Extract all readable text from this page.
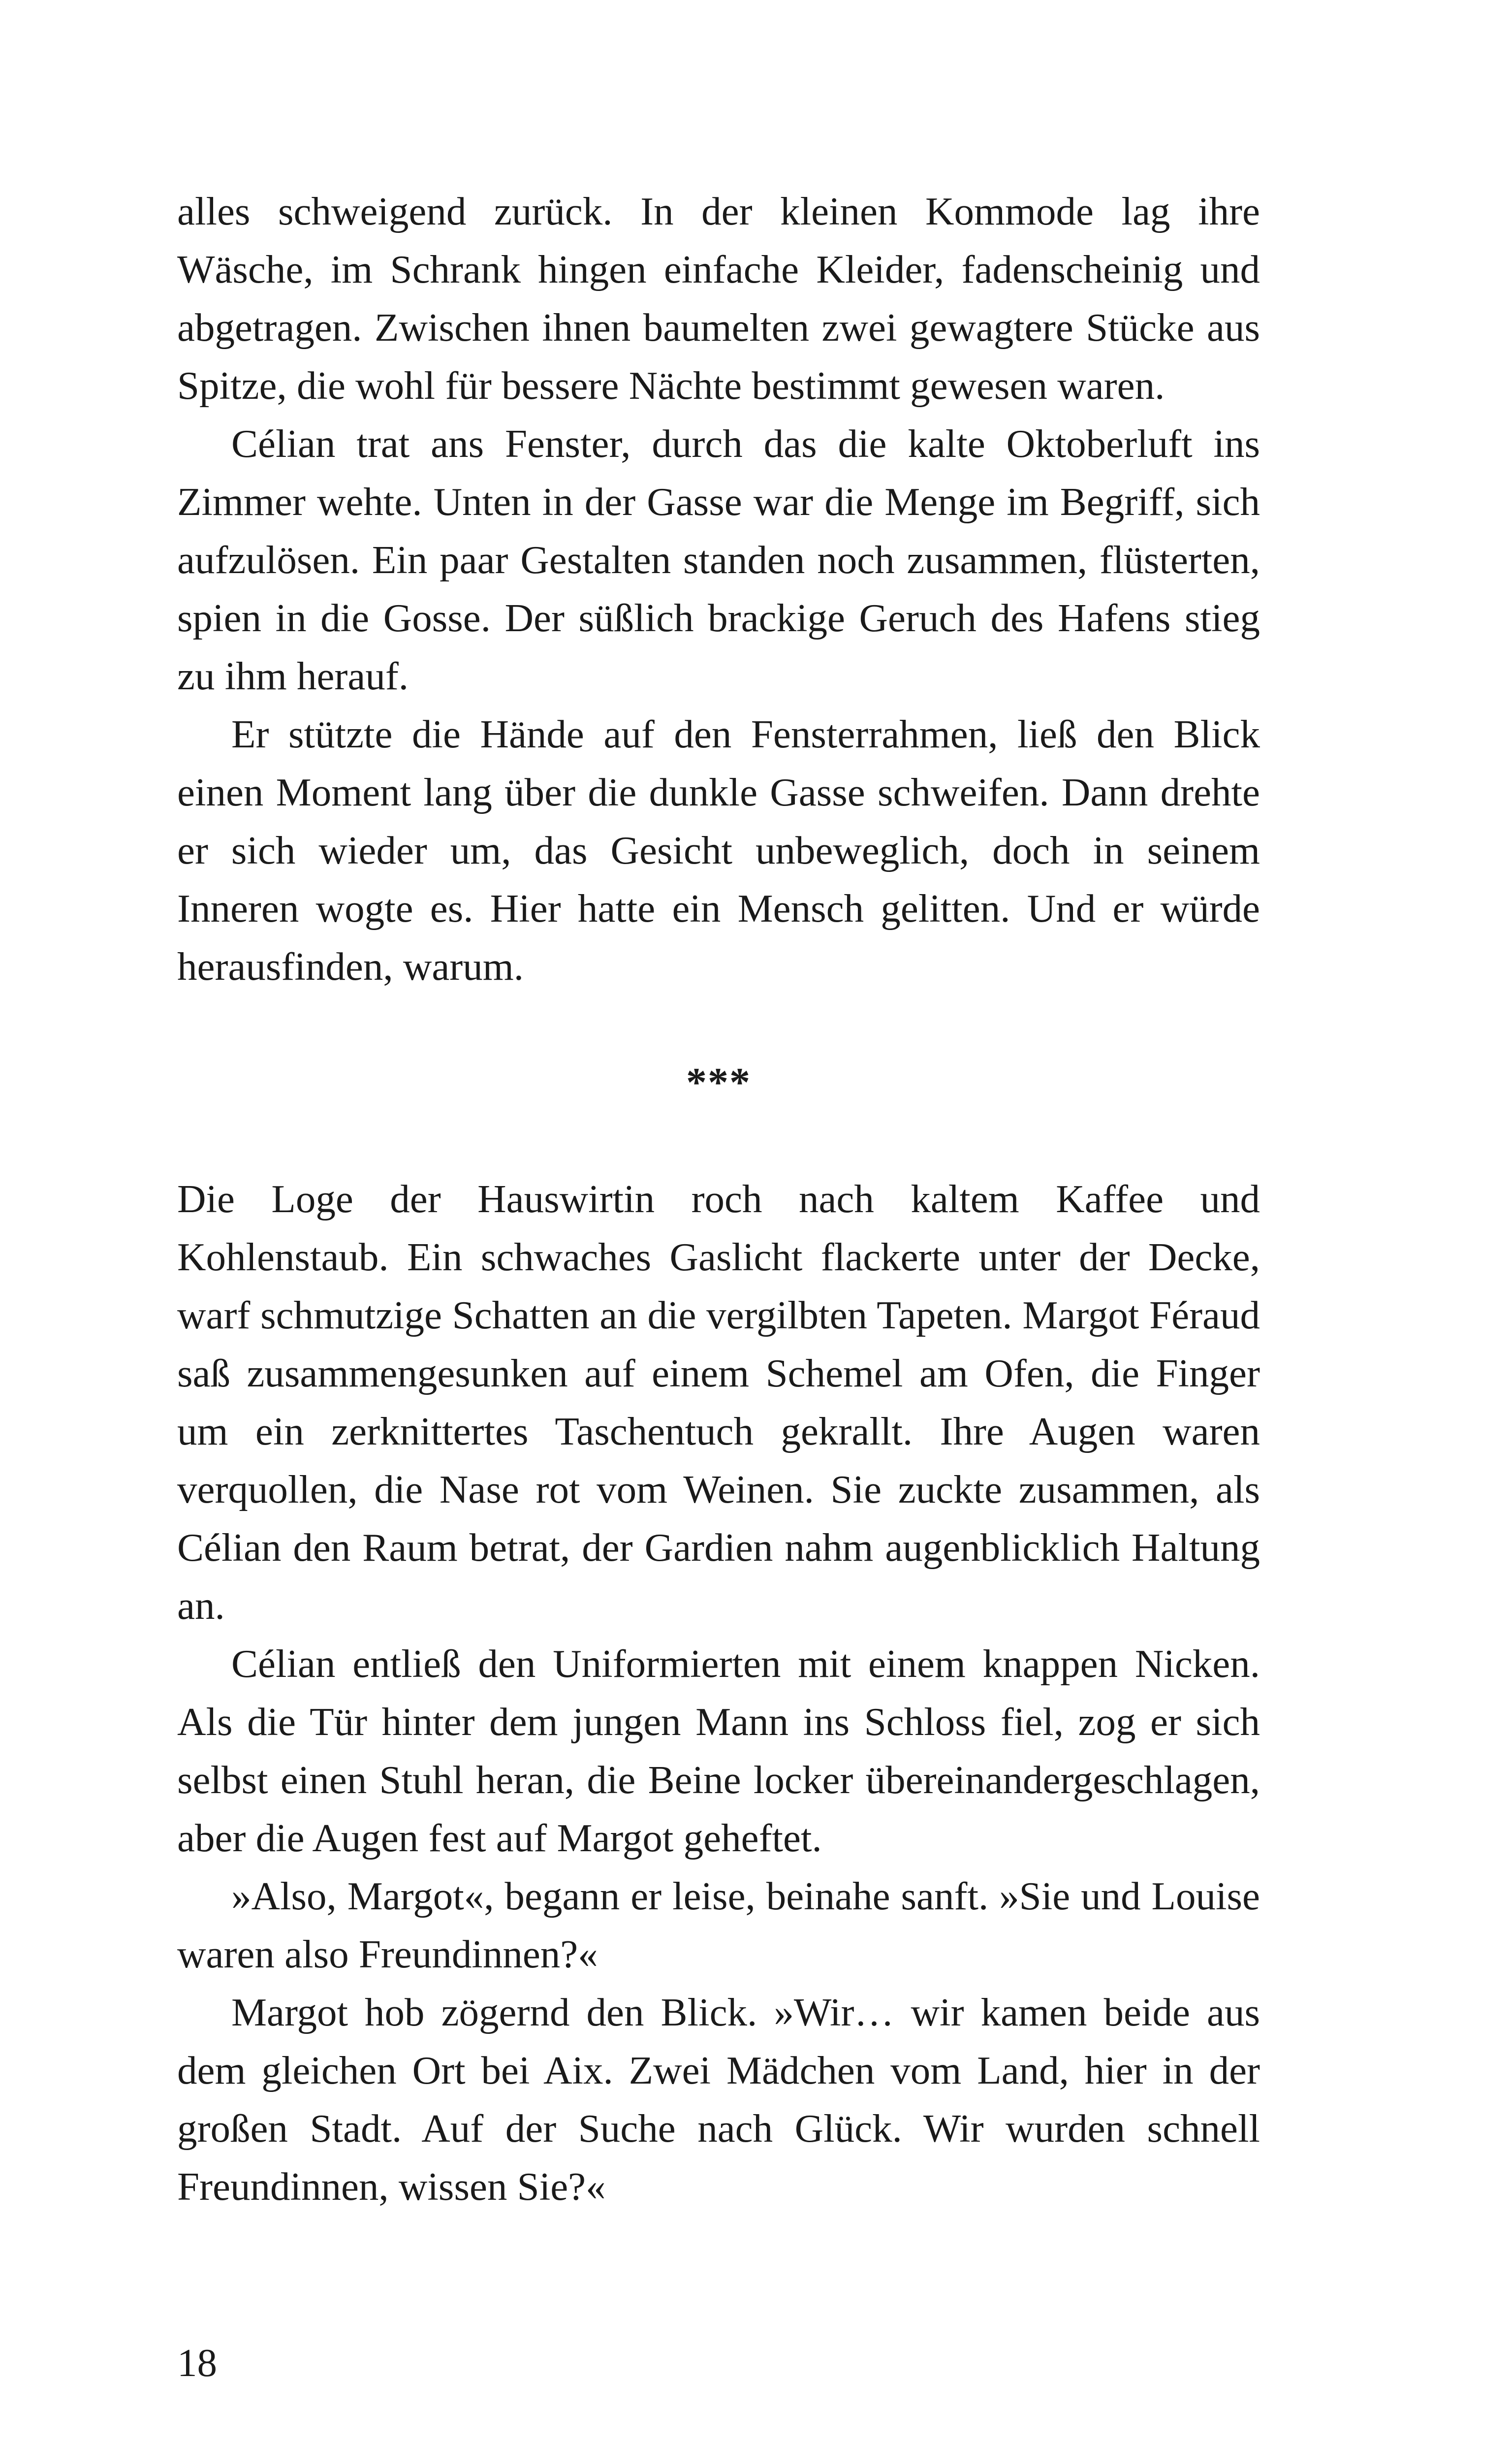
alles schweigend zurück. In der kleinen Kommode lag ihre Wäsche, im Schrank hingen einfache Kleider, fadenscheinig und abgetragen. Zwischen ihnen baumelten zwei gewagtere Stücke aus Spitze, die wohl für bessere Nächte bestimmt gewesen waren.

Célian trat ans Fenster, durch das die kalte Oktoberluft ins Zimmer wehte. Unten in der Gasse war die Menge im Begriff, sich aufzulösen. Ein paar Gestalten standen noch zusammen, flüsterten, spien in die Gosse. Der süßlich brackige Geruch des Hafens stieg zu ihm herauf.

Er stützte die Hände auf den Fensterrahmen, ließ den Blick einen Moment lang über die dunkle Gasse schweifen. Dann drehte er sich wieder um, das Gesicht unbeweglich, doch in seinem Inneren wogte es. Hier hatte ein Mensch gelitten. Und er würde herausfinden, warum.

***

Die Loge der Hauswirtin roch nach kaltem Kaffee und Kohlenstaub. Ein schwaches Gaslicht flackerte unter der Decke, warf schmutzige Schatten an die vergilbten Tapeten. Margot Féraud saß zusammengesunken auf einem Schemel am Ofen, die Finger um ein zerknittertes Taschentuch gekrallt. Ihre Augen waren verquollen, die Nase rot vom Weinen. Sie zuckte zusammen, als Célian den Raum betrat, der Gardien nahm augenblicklich Haltung an.

Célian entließ den Uniformierten mit einem knappen Nicken. Als die Tür hinter dem jungen Mann ins Schloss fiel, zog er sich selbst einen Stuhl heran, die Beine locker übereinandergeschlagen, aber die Augen fest auf Margot geheftet.

»Also, Margot«, begann er leise, beinahe sanft. »Sie und Louise waren also Freundinnen?«

Margot hob zögernd den Blick. »Wir… wir kamen beide aus dem gleichen Ort bei Aix. Zwei Mädchen vom Land, hier in der großen Stadt. Auf der Suche nach Glück. Wir wurden schnell Freundinnen, wissen Sie?«

18
